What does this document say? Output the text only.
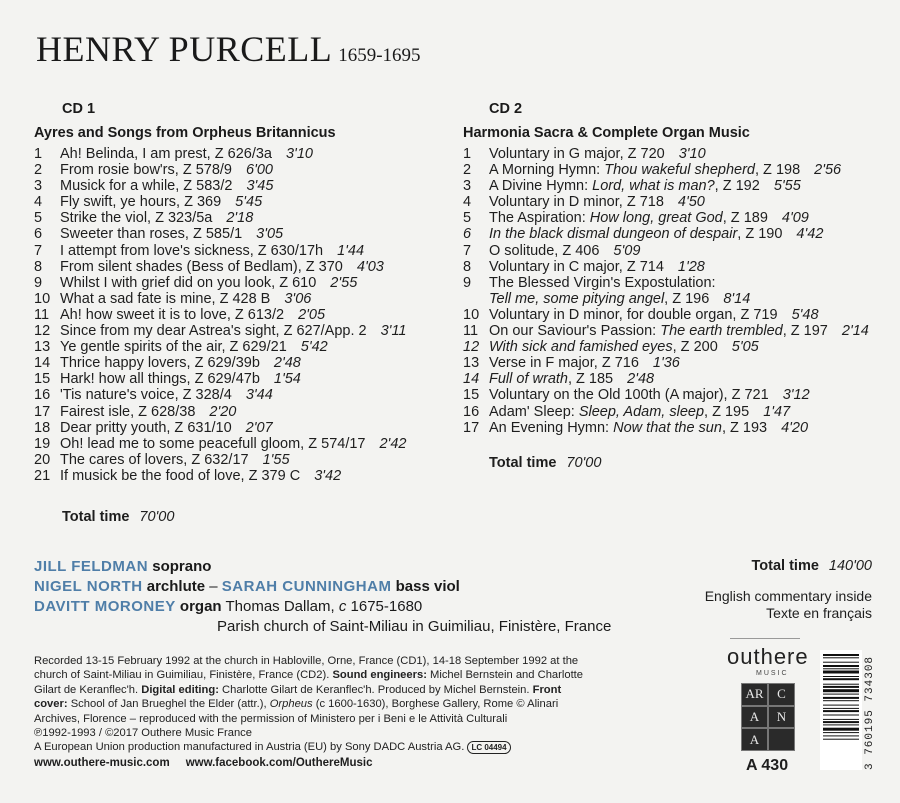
HENRY PURCELL 1659-1695
CD 1
Ayres and Songs from Orpheus Britannicus
1	Ah! Belinda, I am prest, Z 626/3a 3'10
2	From rosie bow'rs, Z 578/9 6'00
3	Musick for a while, Z 583/2 3'45
4	Fly swift, ye hours, Z 369 5'45
5	Strike the viol, Z 323/5a 2'18
6	Sweeter than roses, Z 585/1 3'05
7	I attempt from love's sickness, Z 630/17h 1'44
8	From silent shades (Bess of Bedlam), Z 370 4'03
9	Whilst I with grief did on you look, Z 610 2'55
10 What a sad fate is mine, Z 428 B 3'06
11 Ah! how sweet it is to love, Z 613/2 2'05
12 Since from my dear Astrea's sight, Z 627/App. 2 3'11
13 Ye gentle spirits of the air, Z 629/21 5'42
14 Thrice happy lovers, Z 629/39b 2'48
15 Hark! how all things, Z 629/47b 1'54
16 'Tis nature's voice, Z 328/4 3'44
17 Fairest isle, Z 628/38 2'20
18 Dear pritty youth, Z 631/10 2'07
19 Oh! lead me to some peacefull gloom, Z 574/17 2'42
20 The cares of lovers, Z 632/17 1'55
21 If musick be the food of love, Z 379 C 3'42
Total time 70'00
CD 2
Harmonia Sacra & Complete Organ Music
1	Voluntary in G major, Z 720 3'10
2	A Morning Hymn: Thou wakeful shepherd, Z 198 2'56
3	A Divine Hymn: Lord, what is man?, Z 192 5'55
4	Voluntary in D minor, Z 718 4'50
5	The Aspiration: How long, great God, Z 189 4'09
6	In the black dismal dungeon of despair, Z 190 4'42
7	O solitude, Z 406 5'09
8	Voluntary in C major, Z 714 1'28
9	The Blessed Virgin's Expostulation:
Tell me, some pitying angel, Z 196 8'14
10 Voluntary in D minor, for double organ, Z 719 5'48
11 On our Saviour's Passion: The earth trembled, Z 197 2'14
12 With sick and famished eyes, Z 200 5'05
13 Verse in F major, Z 716 1'36
14 Full of wrath, Z 185 2'48
15 Voluntary on the Old 100th (A major), Z 721 3'12
16 Adam' Sleep: Sleep, Adam, sleep, Z 195 1'47
17 An Evening Hymn: Now that the sun, Z 193 4'20
Total time 70'00
JILL FELDMAN soprano
NIGEL NORTH archlute – SARAH CUNNINGHAM bass viol
DAVITT MORONEY organ Thomas Dallam, c 1675-1680
Parish church of Saint-Miliau in Guimiliau, Finistère, France
Total time 140'00
English commentary inside
Texte en français

Recorded 13-15 February 1992 at the church in Habloville, Orne, France (CD1), 14-18 September 1992 at the

church of Saint-Miliau in Guimiliau, Finistère, France (CD2). Sound engineers: Michel Bernstein and Charlotte

Gilart de Keranflec'h. Digital editing: Charlotte Gilart de Keranflec'h. Produced by Michel Bernstein. Front

cover: School of Jan Brueghel the Elder (attr.), Orpheus (c 1600-1630), Borghese Gallery, Rome © Alinari

Archives, Florence – reproduced with the permission of Ministero per i Beni e le Attività Culturali

℗1992-1993 / ©2017 Outhere Music France

A European Union production manufactured in Austria (EU) by Sony DADC Austria AG. LC 04494

www.outhere-music.com www.facebook.com/OuthereMusic
outhere
MUSIC
AR	C
A	N
A
A 430	3 760195 734308
